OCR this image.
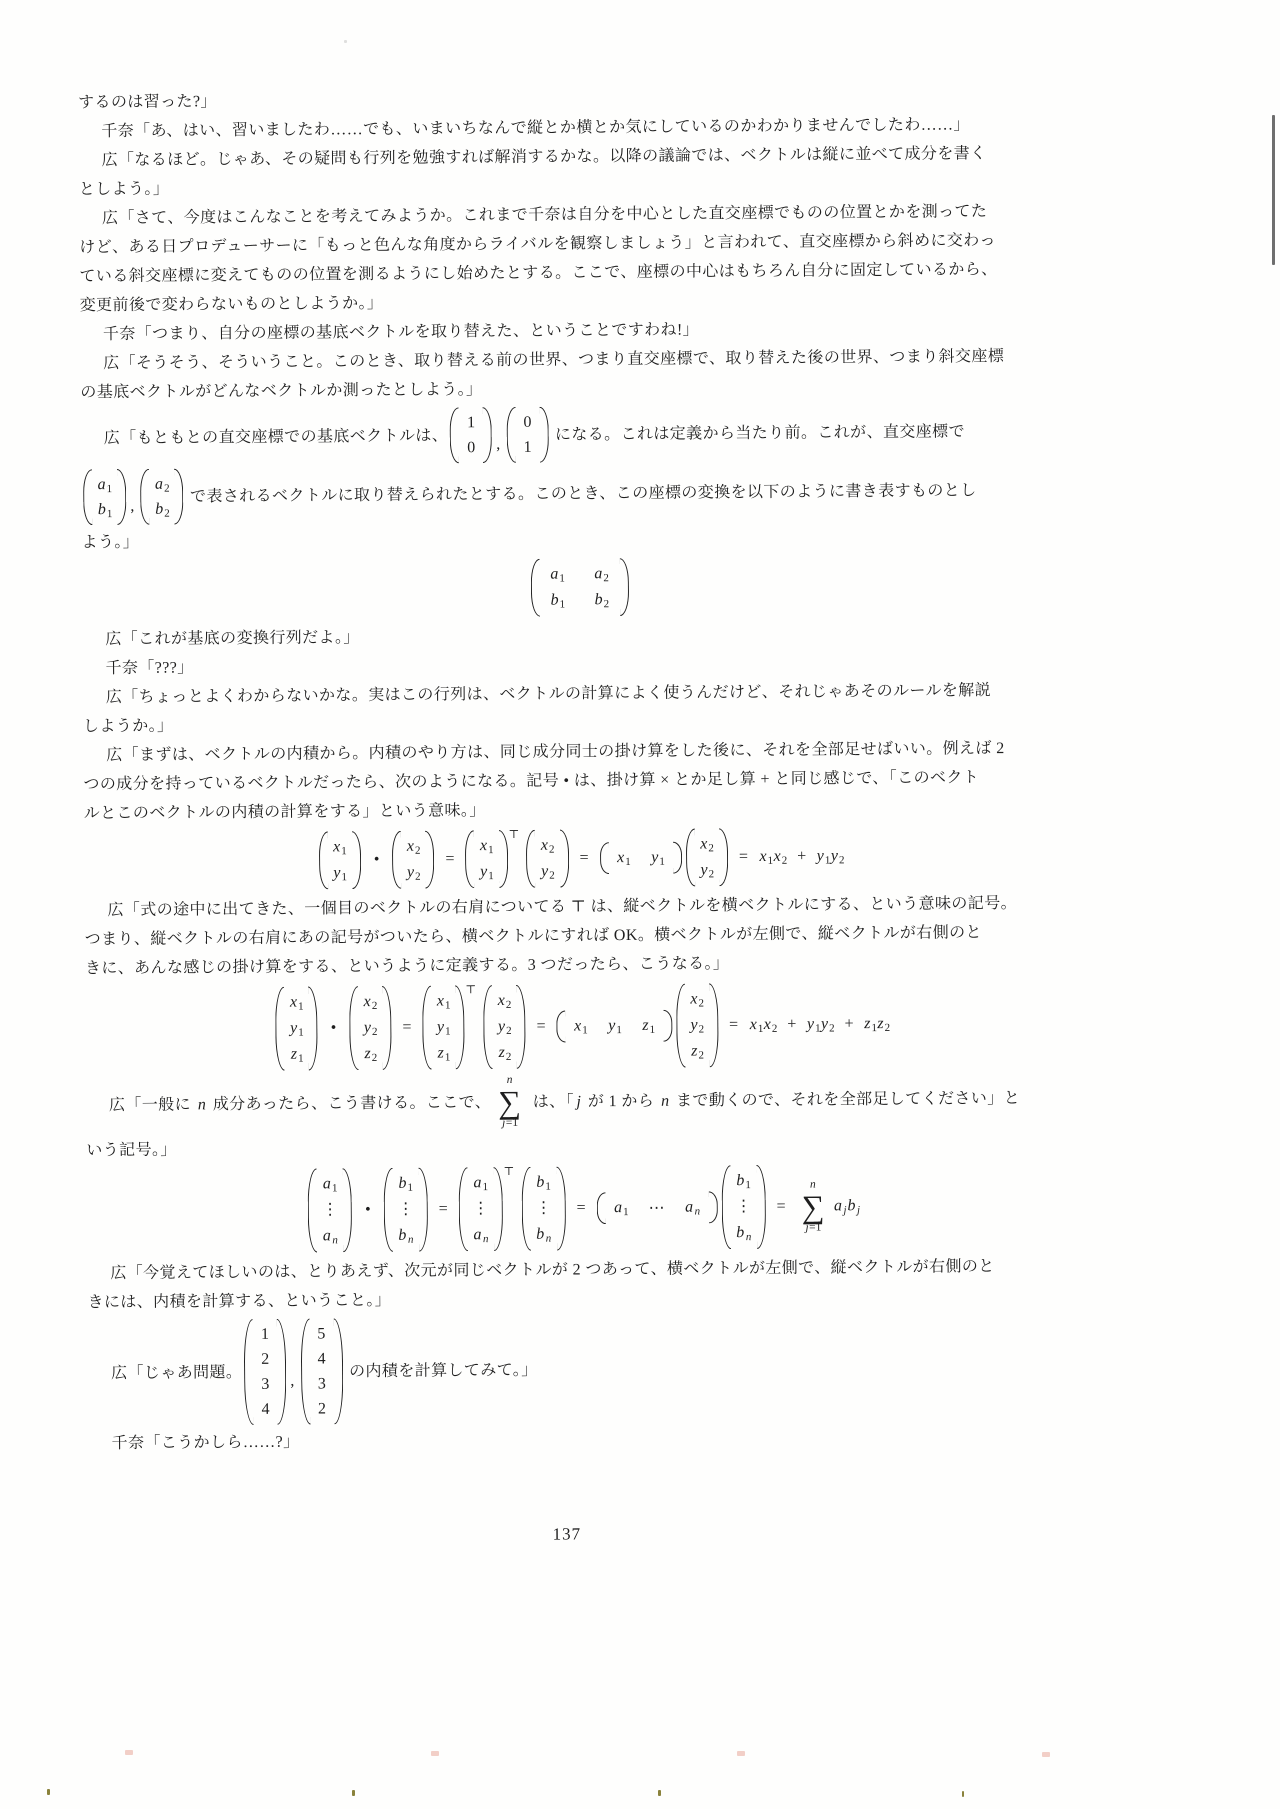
するのは習った?」
千奈「あ、はい、習いましたわ……でも、いまいちなんで縦とか横とか気にしているのかわかりませんでしたわ……」
広「なるほど。じゃあ、その疑問も行列を勉強すれば解消するかな。以降の議論では、ベクトルは縦に並べて成分を書く
としよう。」
広「さて、今度はこんなことを考えてみようか。これまで千奈は自分を中心とした直交座標でものの位置とかを測ってた
けど、ある日プロデューサーに「もっと色んな角度からライバルを観察しましょう」と言われて、直交座標から斜めに交わっ
ている斜交座標に変えてものの位置を測るようにし始めたとする。ここで、座標の中心はもちろん自分に固定しているから、
変更前後で変わらないものとしようか。」
千奈「つまり、自分の座標の基底ベクトルを取り替えた、ということですわね!」
広「そうそう、そういうこと。このとき、取り替える前の世界、つまり直交座標で、取り替えた後の世界、つまり斜交座標
の基底ベクトルがどんなベクトルか測ったとしよう。」
広「もともとの直交座標での基底ベクトルは、
1
0 ,
0
1
になる。これは定義から当たり前。これが、直交座標で
$a_1$
$b_1$ ,
$a_2$
$b_2$
で表されるベクトルに取り替えられたとする。このとき、この座標の変換を以下のように書き表すものとし
よう。」
$a_1$ $a_2$
$b_1$ $b_2$
広「これが基底の変換行列だよ。」
千奈「???」
広「ちょっとよくわからないかな。実はこの行列は、ベクトルの計算によく使うんだけど、それじゃあそのルールを解説
しようか。」
広「まずは、ベクトルの内積から。内積のやり方は、同じ成分同士の掛け算をした後に、それを全部足せばいい。例えば 2
つの成分を持っているベクトルだったら、次のようになる。記号 • は、掛け算 × とか足し算 + と同じ感じで、「このベクト
ルとこのベクトルの内積の計算をする」という意味。」
$x_1$
$y_1$
•
$x_2$
$y_2$
=
$x_1$
$y_1$
⊤
$x_2$
$y_2$
= $x_1$ $y_1$
$x_2$
$y_2$
= $x_1x_2 + y_1y_2$
広「式の途中に出てきた、一個目のベクトルの右肩についてる ⊤ は、縦ベクトルを横ベクトルにする、という意味の記号。
つまり、縦ベクトルの右肩にあの記号がついたら、横ベクトルにすれば OK。横ベクトルが左側で、縦ベクトルが右側のと
きに、あんな感じの掛け算をする、というように定義する。3 つだったら、こうなる。」
$x_1$
$y_1$
$z_1$
•
$x_2$
$y_2$
$z_2$
=
$x_1$
$y_1$
$z_1$
⊤
$x_2$
$y_2$
$z_2$
= $x_1$ $y_1$ $z_1$
$x_2$
$y_2$
$z_2$
= $x_1x_2 + y_1y_2 + z_1z_2$
広「一般に n 成分あったら、こう書ける。ここで、
n
∑
j=1
は、「 j が 1 から n まで動くので、それを全部足してください」と
いう記号。」
$a_1$
⋮
$a_n$
•
$b_1$
⋮
$b_n$
=
$a_1$
⋮
$a_n$
⊤
$b_1$
⋮
$b_n$
= $a_1$ ⋯ $a_n$
$b_1$
⋮
$b_n$
=
n
∑
j=1
$a_jb_j$
広「今覚えてほしいのは、とりあえず、次元が同じベクトルが 2 つあって、横ベクトルが左側で、縦ベクトルが右側のと
きには、内積を計算する、ということ。」
広「じゃあ問題。
1
2
3
4
,
5
4
3
2
の内積を計算してみて。」
千奈「こうかしら……?」
137
